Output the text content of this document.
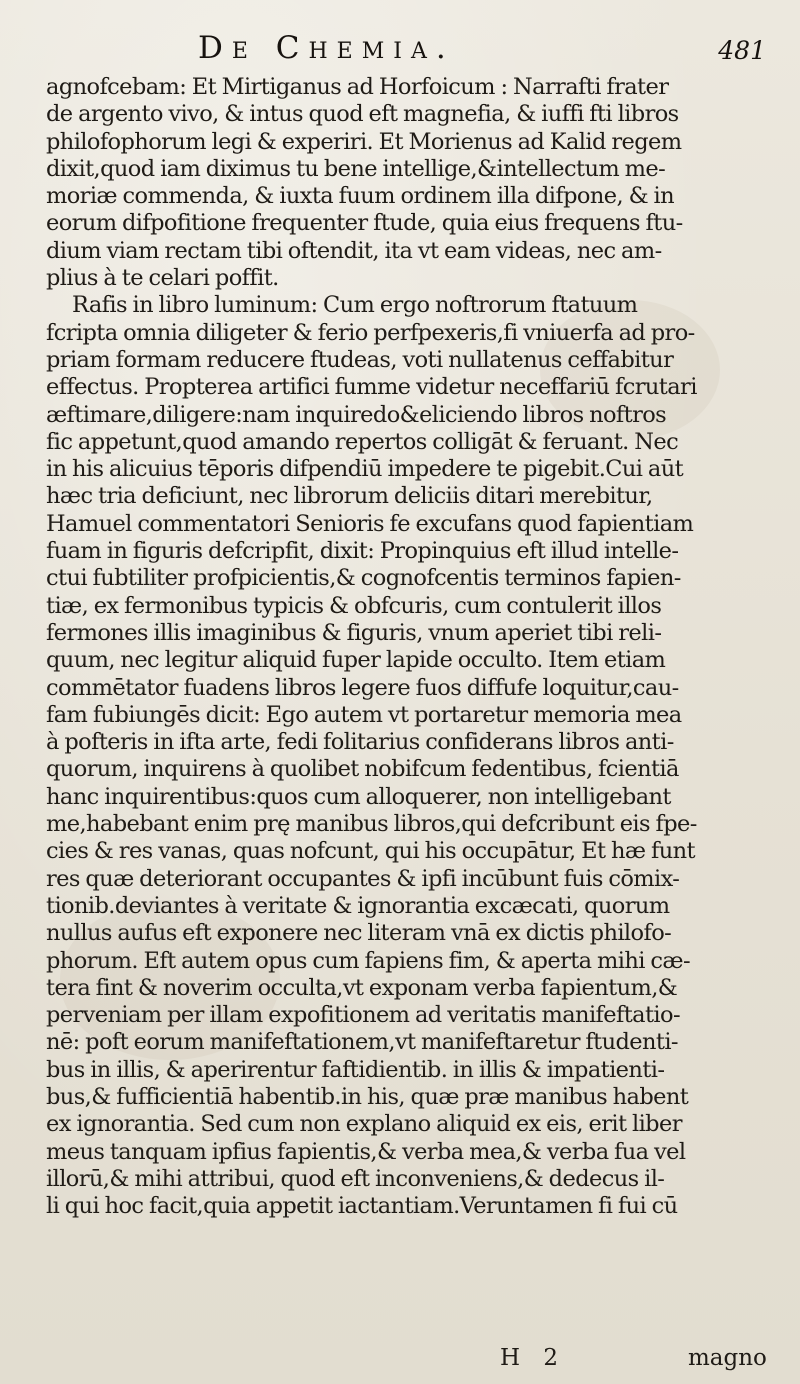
De Chemia.	481
agnofcebam: Et Mirtiganus ad Horfoicum : Narrafti frater
de argento vivo, & intus quod eft magnefia, & iuffi fti libros
philofophorum legi & experiri. Et Morienus ad Kalid regem
dixit,quod iam diximus tu bene intellige,&intellectum me-
moriæ commenda, & iuxta fuum ordinem illa difpone, & in
eorum difpofitione frequenter ftude, quia eius frequens ftu-
dium viam rectam tibi oftendit, ita vt eam videas, nec am-
plius à te celari poffit.
Rafis in libro luminum: Cum ergo noftrorum ftatuum
fcripta omnia diligeter & ferio perfpexeris,fi vniuerfa ad pro-
priam formam reducere ftudeas, voti nullatenus ceffabitur
effectus. Propterea artifici fumme videtur neceffariū fcrutari
æftimare,diligere:nam inquiredo&eliciendo libros noftros
fic appetunt,quod amando repertos colligāt & feruant. Nec
in his alicuius tēporis difpendiū impedere te pigebit.Cui aūt
hæc tria deficiunt, nec librorum deliciis ditari merebitur,
Hamuel commentatori Senioris fe excufans quod fapientiam
fuam in figuris defcripfit, dixit: Propinquius eft illud intelle-
ctui fubtiliter profpicientis,& cognofcentis terminos fapien-
tiæ, ex fermonibus typicis & obfcuris, cum contulerit illos
fermones illis imaginibus & figuris, vnum aperiet tibi reli-
quum, nec legitur aliquid fuper lapide occulto. Item etiam
commētator fuadens libros legere fuos diffufe loquitur,cau-
fam fubiungēs dicit: Ego autem vt portaretur memoria mea
à pofteris in ifta arte, fedi folitarius confiderans libros anti-
quorum, inquirens à quolibet nobifcum fedentibus, fcientiā
hanc inquirentibus:quos cum alloquerer, non intelligebant
me,habebant enim prę manibus libros,qui defcribunt eis fpe-
cies & res vanas, quas nofcunt, qui his occupātur, Et hæ funt
res quæ deteriorant occupantes & ipfi incūbunt fuis cōmix-
tionib.deviantes à veritate & ignorantia excæcati, quorum
nullus aufus eft exponere nec literam vnā ex dictis philofo-
phorum. Eft autem opus cum fapiens fim, & aperta mihi cæ-
tera fint & noverim occulta,vt exponam verba fapientum,&
perveniam per illam expofitionem ad veritatis manifeftatio-
nē: poft eorum manifeftationem,vt manifeftaretur ftudenti-
bus in illis, & aperirentur faftidientib. in illis & impatienti-
bus,& fufficientiā habentib.in his, quæ præ manibus habent
ex ignorantia. Sed cum non explano aliquid ex eis, erit liber
meus tanquam ipfius fapientis,& verba mea,& verba fua vel
illorū,& mihi attribui, quod eft inconveniens,& dedecus il-
li qui hoc facit,quia appetit iactantiam.Veruntamen fi fui cū
H 2	magno
